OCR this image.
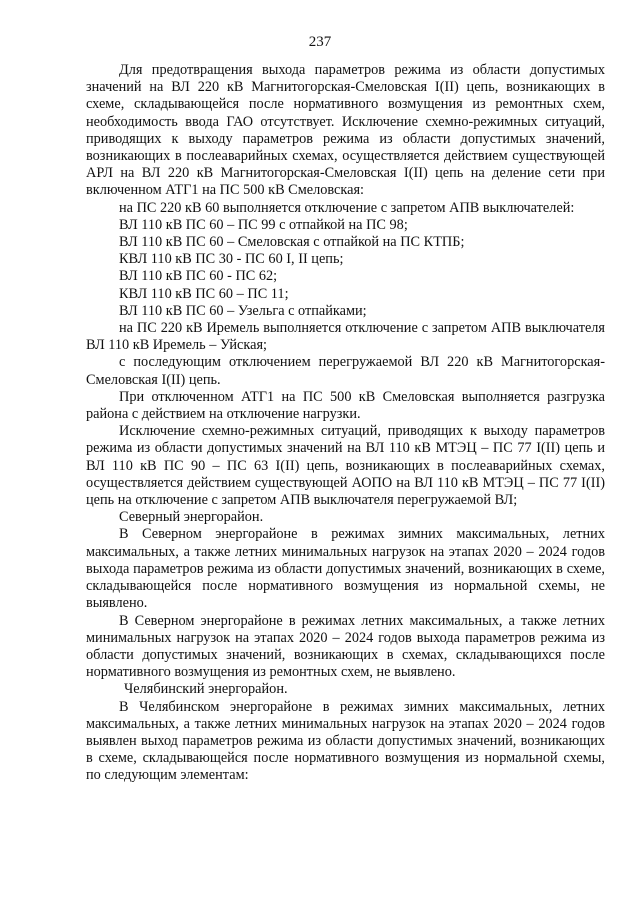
237

Для предотвращения выхода параметров режима из области допустимых значений на ВЛ 220 кВ Магнитогорская-Смеловская I(II) цепь, возникающих в схеме, складывающейся после нормативного возмущения из ремонтных схем, необходимость ввода ГАО отсутствует. Исключение схемно-режимных ситуаций, приводящих к выходу параметров режима из области допустимых значений, возникающих в послеаварийных схемах, осуществляется действием существующей АРЛ на ВЛ 220 кВ Магнитогорская-Смеловская I(II) цепь на деление сети при включенном АТГ1 на ПС 500 кВ Смеловская:

на ПС 220 кВ 60 выполняется отключение с запретом АПВ выключателей:

ВЛ 110 кВ ПС 60 – ПС 99 с отпайкой на ПС 98;

ВЛ 110 кВ ПС 60 – Смеловская с отпайкой на ПС КТПБ;

КВЛ 110 кВ ПС 30 - ПС 60 I, II цепь;

ВЛ 110 кВ ПС 60 - ПС 62;

КВЛ 110 кВ ПС 60 – ПС 11;

ВЛ 110 кВ ПС 60 – Узельга с отпайками;

на ПС 220 кВ Иремель выполняется отключение с запретом АПВ выключателя ВЛ 110 кВ Иремель – Уйская;

с последующим отключением перегружаемой ВЛ 220 кВ Магнитогорская-Смеловская I(II) цепь.

При отключенном АТГ1 на ПС 500 кВ Смеловская выполняется разгрузка района с действием на отключение нагрузки.

Исключение схемно-режимных ситуаций, приводящих к выходу параметров режима из области допустимых значений на ВЛ 110 кВ МТЭЦ – ПС 77 I(II) цепь и ВЛ 110 кВ ПС 90 – ПС 63 I(II) цепь, возникающих в послеаварийных схемах, осуществляется действием существующей АОПО на ВЛ 110 кВ МТЭЦ – ПС 77 I(II) цепь на отключение с запретом АПВ выключателя перегружаемой ВЛ;

Северный энергорайон.

В Северном энергорайоне в режимах зимних максимальных, летних максимальных, а также летних минимальных нагрузок на этапах 2020 – 2024 годов выхода параметров режима из области допустимых значений, возникающих в схеме, складывающейся после нормативного возмущения из нормальной схемы, не выявлено.

В Северном энергорайоне в режимах летних максимальных, а также летних минимальных нагрузок на этапах 2020 – 2024 годов выхода параметров режима из области допустимых значений, возникающих в схемах, складывающихся после нормативного возмущения из ремонтных схем, не выявлено.

Челябинский энергорайон.

В Челябинском энергорайоне в режимах зимних максимальных, летних максимальных, а также летних минимальных нагрузок на этапах 2020 – 2024 годов выявлен выход параметров режима из области допустимых значений, возникающих в схеме, складывающейся после нормативного возмущения из нормальной схемы, по следующим элементам:
